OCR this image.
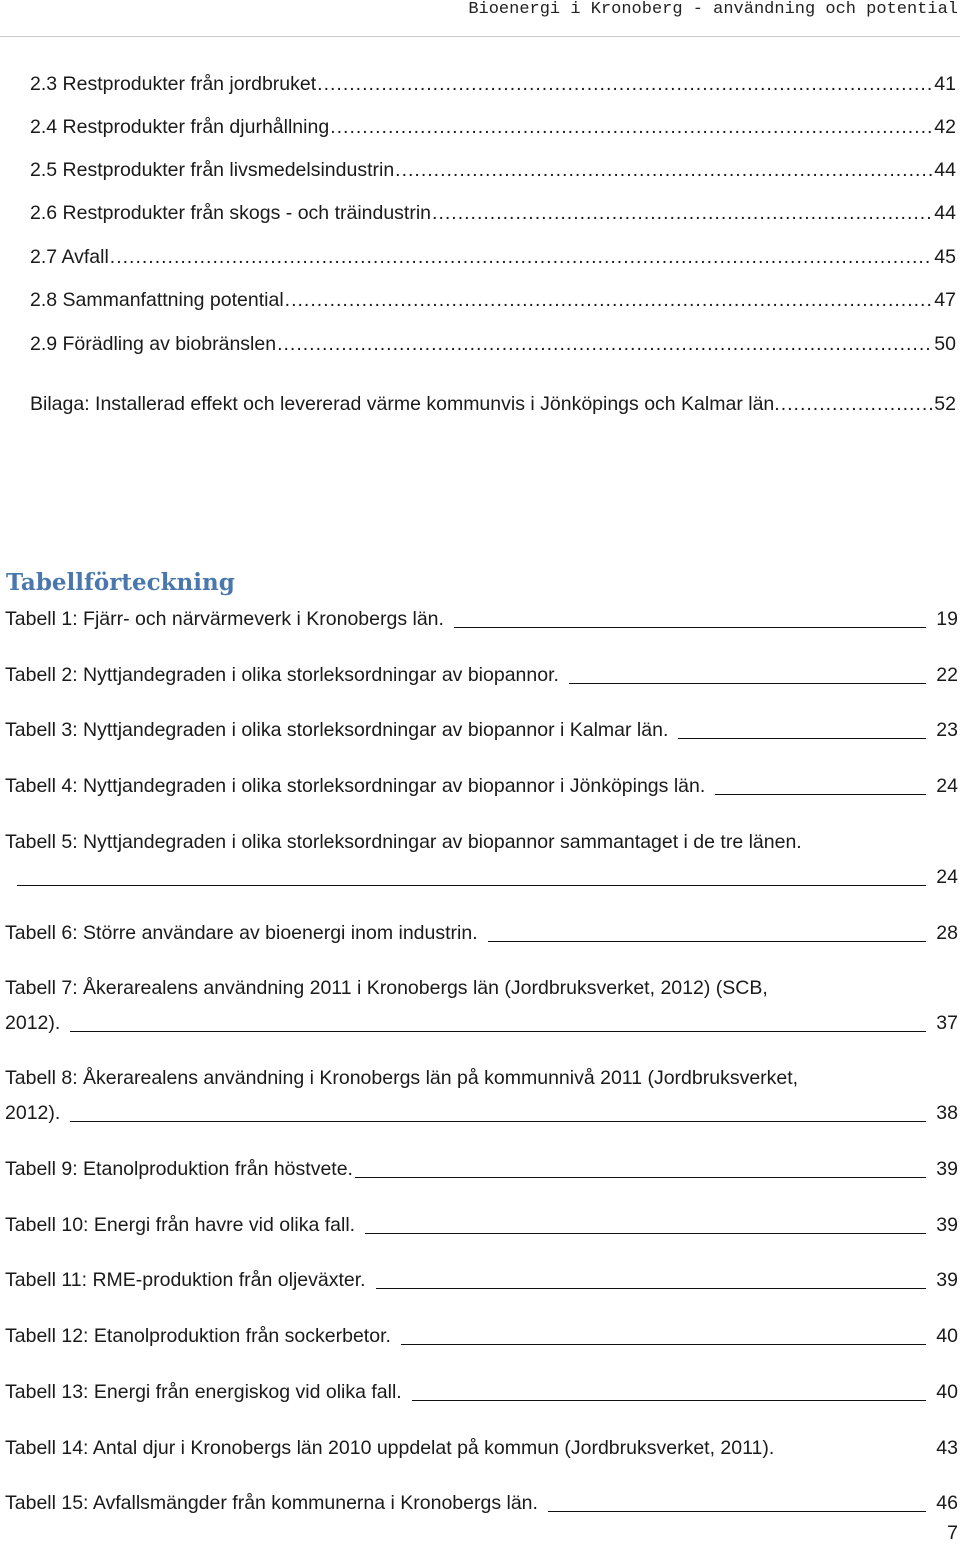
Bioenergi i Kronoberg - användning och potential
2.3 Restprodukter från jordbruket .....	41
2.4 Restprodukter från djurhållning .....	42
2.5 Restprodukter från livsmedelsindustrin .....	44
2.6 Restprodukter från skogs - och träindustrin .....	44
2.7 Avfall .....	45
2.8 Sammanfattning potential .....	47
2.9 Förädling av biobränslen .....	50
Bilaga: Installerad effekt och levererad värme kommunvis i Jönköpings och Kalmar län. .....	52
Tabellförteckning
Tabell 1: Fjärr- och närvärmeverk i Kronobergs län.	19
Tabell 2: Nyttjandegraden i olika storleksordningar av biopannor.	22
Tabell 3: Nyttjandegraden i olika storleksordningar av biopannor i Kalmar län.	23
Tabell 4: Nyttjandegraden i olika storleksordningar av biopannor i Jönköpings län.	24
Tabell 5: Nyttjandegraden i olika storleksordningar av biopannor sammantaget i de tre länen.
24
Tabell 6: Större användare av bioenergi inom industrin.	28
Tabell 7: Åkerarealens användning 2011 i Kronobergs län (Jordbruksverket, 2012) (SCB,
2012).	37
Tabell 8: Åkerarealens användning i Kronobergs län på kommunnivå 2011 (Jordbruksverket,
2012).	38
Tabell 9: Etanolproduktion från höstvete.	39
Tabell 10: Energi från havre vid olika fall.	39
Tabell 11: RME-produktion från oljeväxter.	39
Tabell 12: Etanolproduktion från sockerbetor.	40
Tabell 13: Energi från energiskog vid olika fall.	40
Tabell 14: Antal djur i Kronobergs län 2010 uppdelat på kommun (Jordbruksverket, 2011).	43
Tabell 15: Avfallsmängder från kommunerna i Kronobergs län.	46
7
